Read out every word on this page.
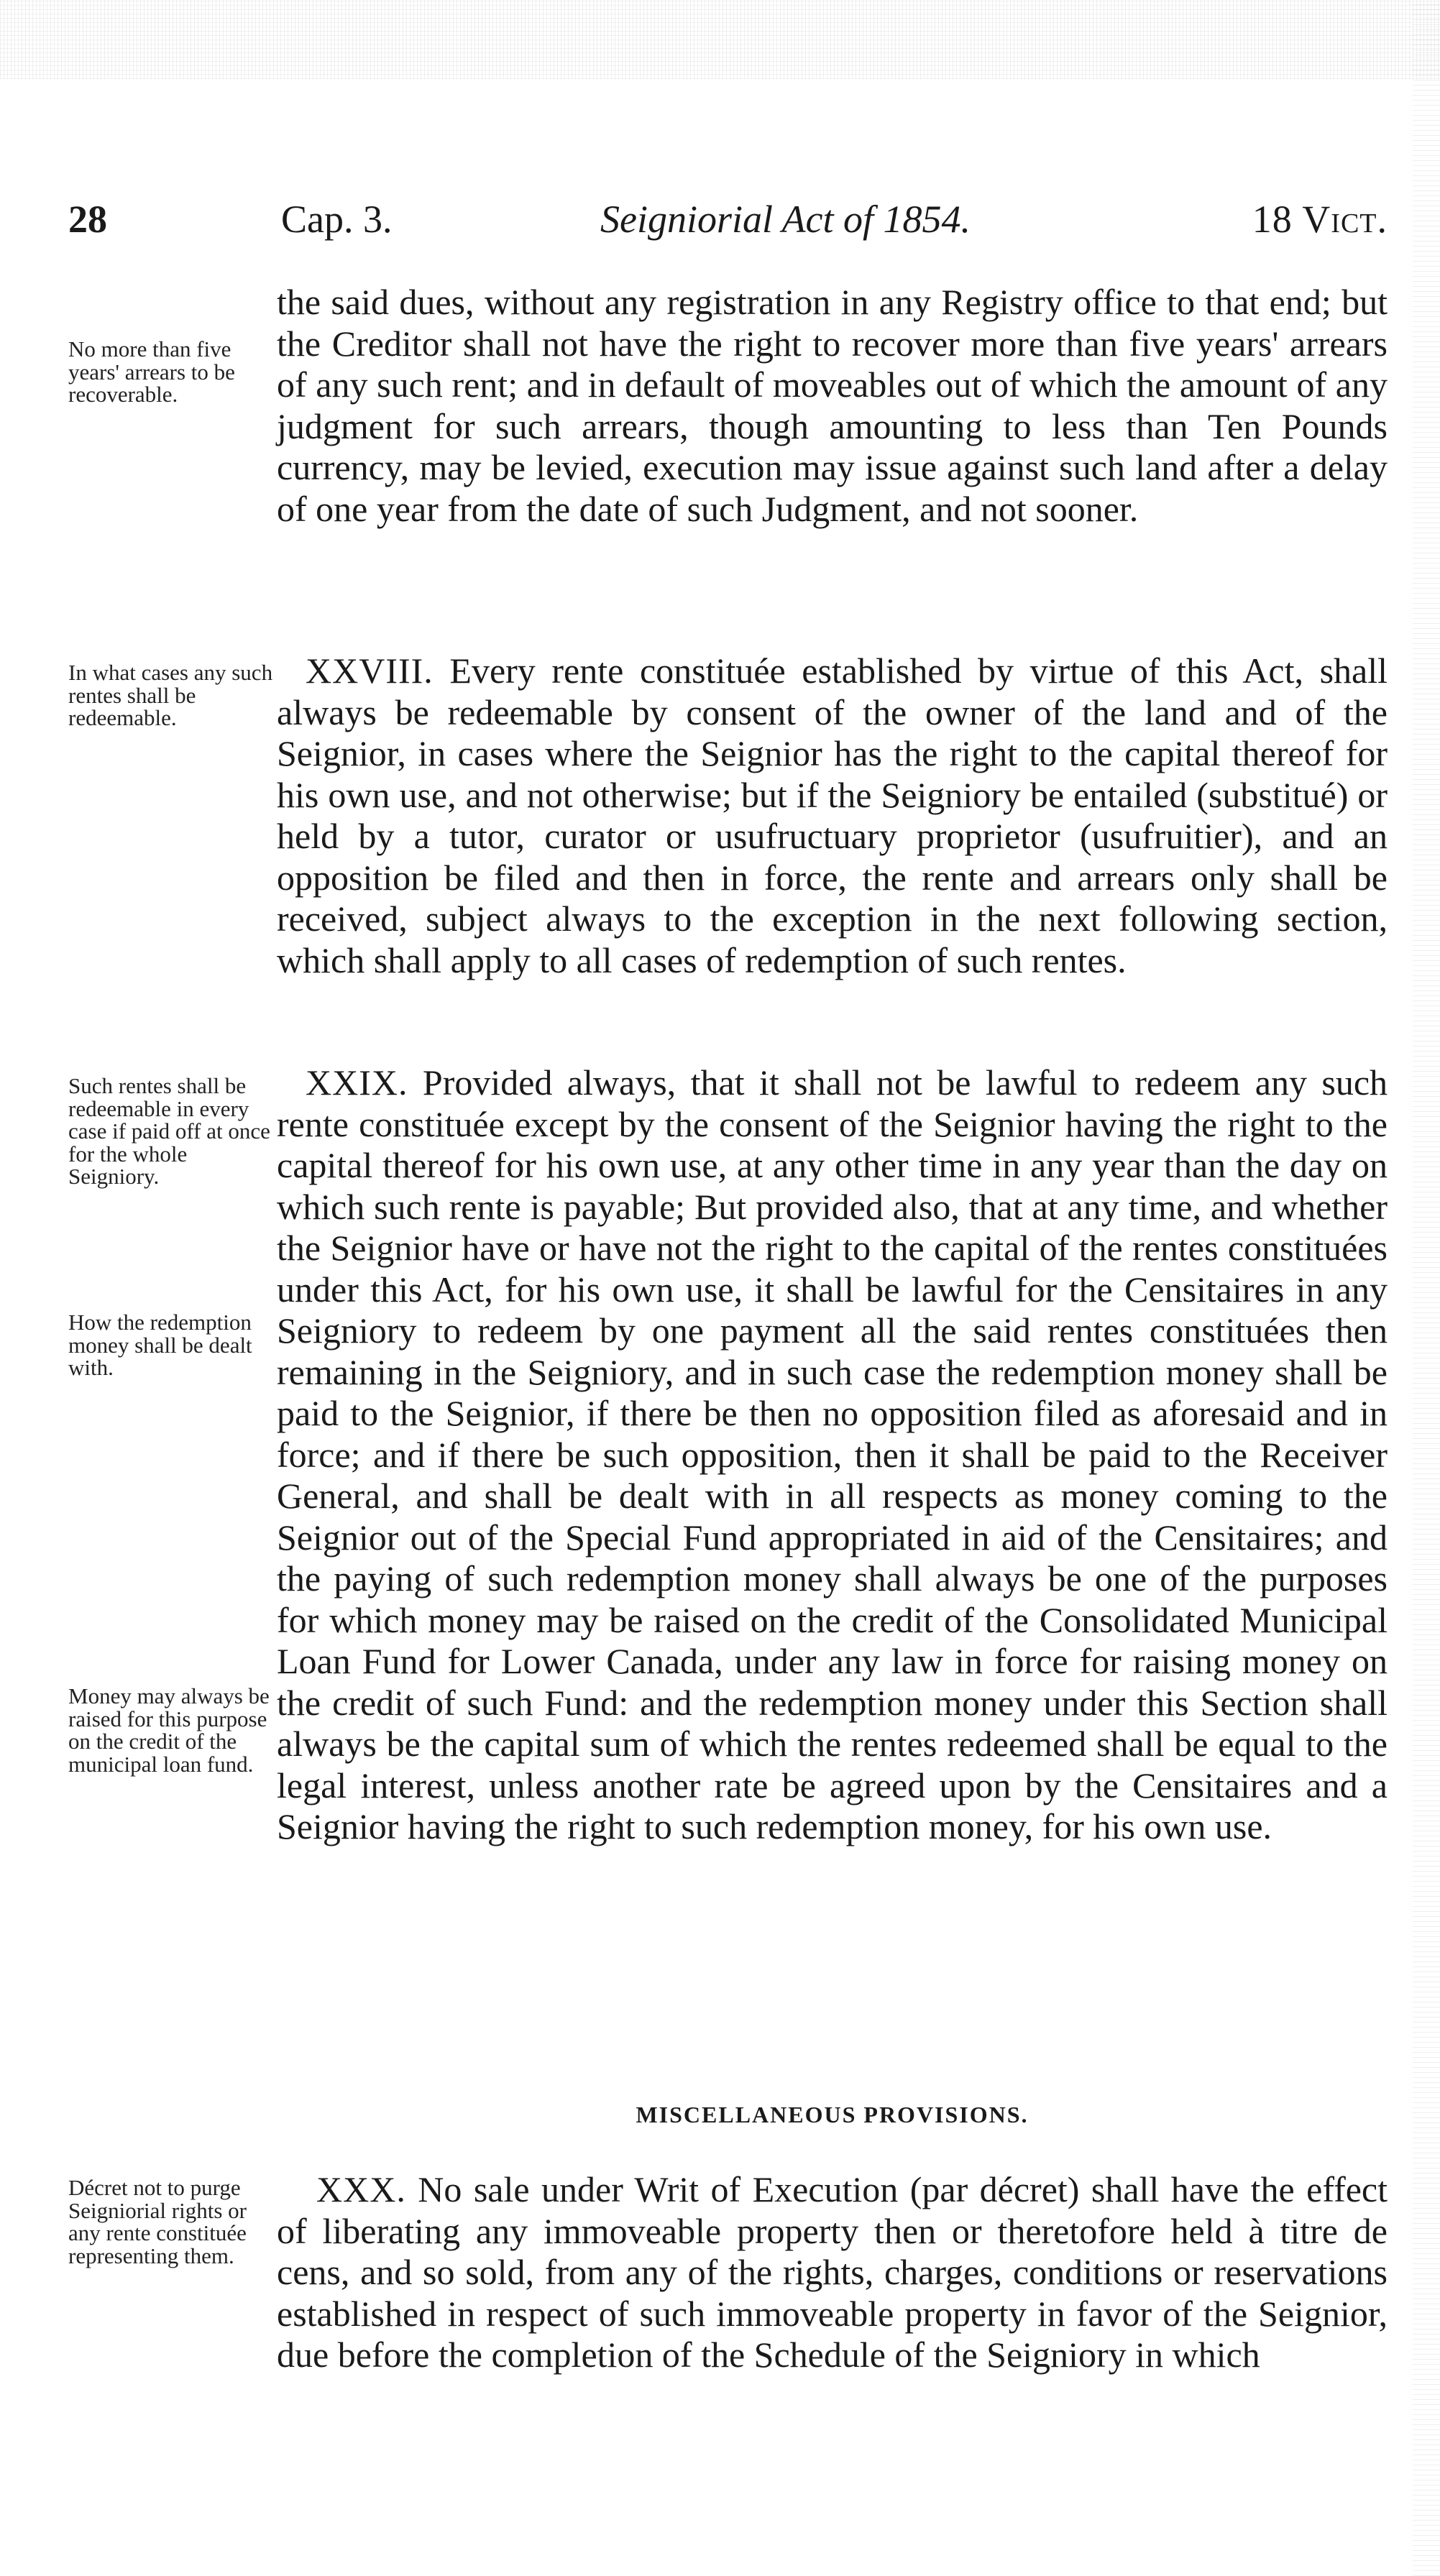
28	Cap. 3.	Seigniorial Act of 1854.	18 Vict.

the said dues, without any registration in any Registry office to that end; but the Creditor shall not have the right to recover more than five years' arrears of any such rent; and in default of moveables out of which the amount of any judgment for such arrears, though amounting to less than Ten Pounds currency, may be levied, execution may issue against such land after a delay of one year from the date of such Judgment, and not sooner.

No more than five years' arrears to be recoverable.

XXVIII. Every rente constituée established by virtue of this Act, shall always be redeemable by consent of the owner of the land and of the Seignior, in cases where the Seignior has the right to the capital thereof for his own use, and not otherwise; but if the Seigniory be entailed (substitué) or held by a tutor, curator or usufructuary proprietor (usufruitier), and an opposition be filed and then in force, the rente and arrears only shall be received, subject always to the exception in the next following section, which shall apply to all cases of redemption of such rentes.

In what cases any such rentes shall be redeemable.

XXIX. Provided always, that it shall not be lawful to redeem any such rente constituée except by the consent of the Seignior having the right to the capital thereof for his own use, at any other time in any year than the day on which such rente is payable; But provided also, that at any time, and whether the Seignior have or have not the right to the capital of the rentes constituées under this Act, for his own use, it shall be lawful for the Censitaires in any Seigniory to redeem by one payment all the said rentes constituées then remaining in the Seigniory, and in such case the redemption money shall be paid to the Seignior, if there be then no opposition filed as aforesaid and in force; and if there be such opposition, then it shall be paid to the Receiver General, and shall be dealt with in all respects as money coming to the Seignior out of the Special Fund appropriated in aid of the Censitaires; and the paying of such redemption money shall always be one of the purposes for which money may be raised on the credit of the Consolidated Municipal Loan Fund for Lower Canada, under any law in force for raising money on the credit of such Fund: and the redemption money under this Section shall always be the capital sum of which the rentes redeemed shall be equal to the legal interest, unless another rate be agreed upon by the Censitaires and a Seignior having the right to such redemption money, for his own use.

Such rentes shall be redeemable in every case if paid off at once for the whole Seigniory.

How the redemption money shall be dealt with.

Money may always be raised for this purpose on the credit of the municipal loan fund.

MISCELLANEOUS PROVISIONS.

XXX. No sale under Writ of Execution (par décret) shall have the effect of liberating any immoveable property then or theretofore held à titre de cens, and so sold, from any of the rights, charges, conditions or reservations established in respect of such immoveable property in favor of the Seignior, due before the completion of the Schedule of the Seigniory in which

Décret not to purge Seigniorial rights or any rente constituée representing them.
